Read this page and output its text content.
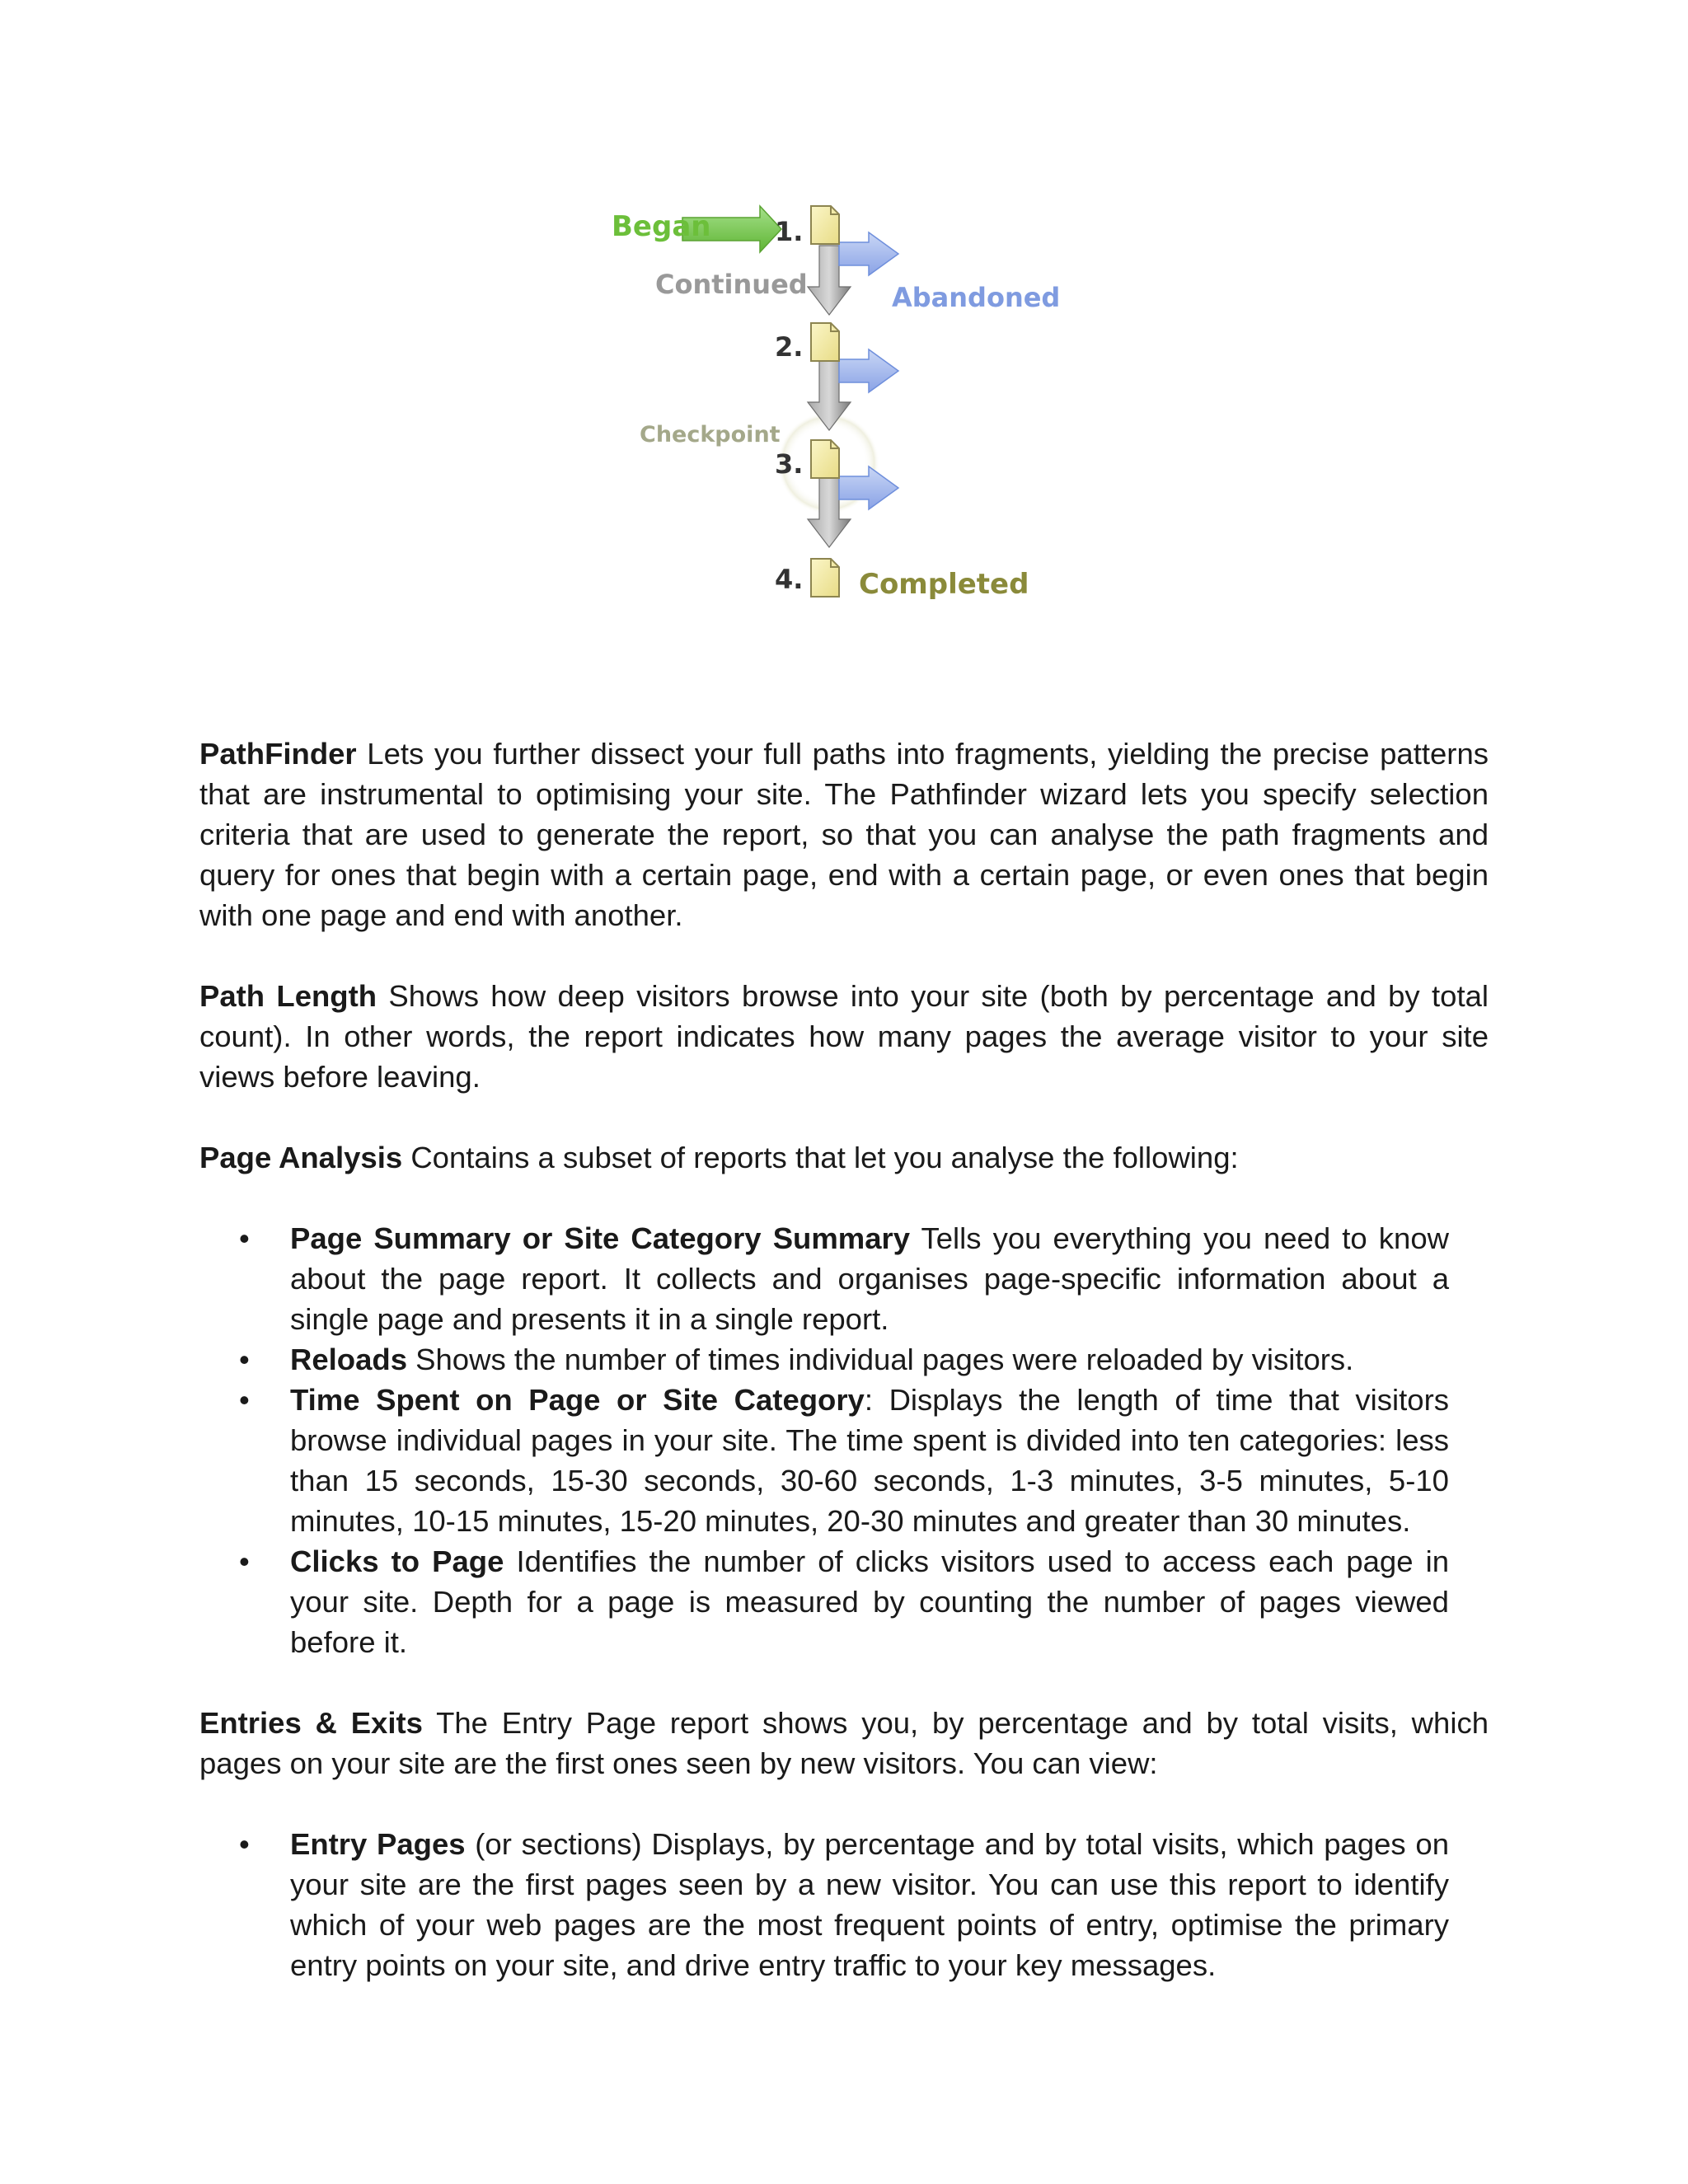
Began 1.
2.
3.
4.
Continued	Abandoned
Checkpoint
Completed

PathFinder Lets you further dissect your full paths into fragments, yielding the precise patterns that are instrumental to optimising your site. The Pathfinder wizard lets you specify selection criteria that are used to generate the report, so that you can analyse the path fragments and query for ones that begin with a certain page, end with a certain page, or even ones that begin with one page and end with another.

Path Length Shows how deep visitors browse into your site (both by percentage and by total count). In other words, the report indicates how many pages the average visitor to your site views before leaving.

Page Analysis Contains a subset of reports that let you analyse the following:

• Page Summary or Site Category Summary Tells you everything you need to know about the page report. It collects and organises page-specific information about a single page and presents it in a single report.
• Reloads Shows the number of times individual pages were reloaded by visitors.
• Time Spent on Page or Site Category: Displays the length of time that visitors browse individual pages in your site. The time spent is divided into ten categories: less than 15 seconds, 15-30 seconds, 30-60 seconds, 1-3 minutes, 3-5 minutes, 5-10 minutes, 10-15 minutes, 15-20 minutes, 20-30 minutes and greater than 30 minutes.
• Clicks to Page Identifies the number of clicks visitors used to access each page in your site. Depth for a page is measured by counting the number of pages viewed before it.

Entries & Exits The Entry Page report shows you, by percentage and by total visits, which pages on your site are the first ones seen by new visitors. You can view:

• Entry Pages (or sections) Displays, by percentage and by total visits, which pages on your site are the first pages seen by a new visitor. You can use this report to identify which of your web pages are the most frequent points of entry, optimise the primary entry points on your site, and drive entry traffic to your key messages.
